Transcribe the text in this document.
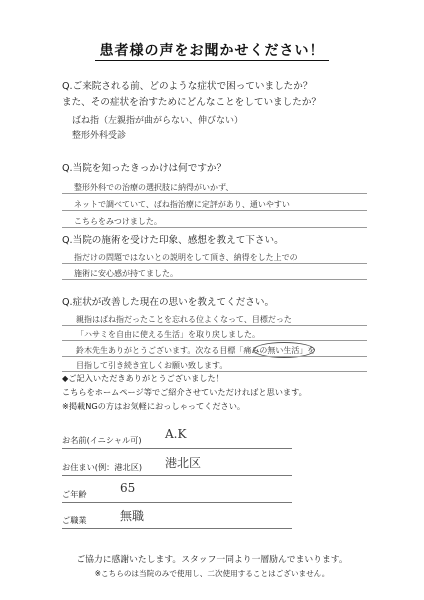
患者様の声をお聞かせください！
Q.ご来院される前、どのような症状で困っていましたか？
また、その症状を治すためにどんなことをしていましたか？
ばね指（左親指が曲がらない、伸びない）
整形外科受診
Q.当院を知ったきっかけは何ですか？
整形外科での治療の選択肢に納得がいかず、
ネットで調べていて、ばね指治療に定評があり、通いやすい
こちらをみつけました。
Q.当院の施術を受けた印象、感想を教えて下さい。
指だけの問題ではないとの説明をして頂き、納得をした上での
施術に安心感が持てました。
Q.症状が改善した現在の思いを教えてください。
親指はばね指だったことを忘れる位よくなって、目標だった
「ハサミを自由に使える生活」を取り戻しました。
鈴木先生ありがとうございます。次なる目標「痛みの無い生活」を
目指して引き続き宜しくお願い致します。
◆ご記入いただきありがとうございました！
こちらをホームページ等でご紹介させていただければと思います。
※掲載NGの方はお気軽におっしゃってください。
お名前(イニシャル可) A.K
お住まい(例：港北区) 港北区
ご年齢	65
ご職業	無職
ご協力に感謝いたします。スタッフ一同より一層励んでまいります。
※こちらのは当院のみで使用し、二次使用することはございません。
